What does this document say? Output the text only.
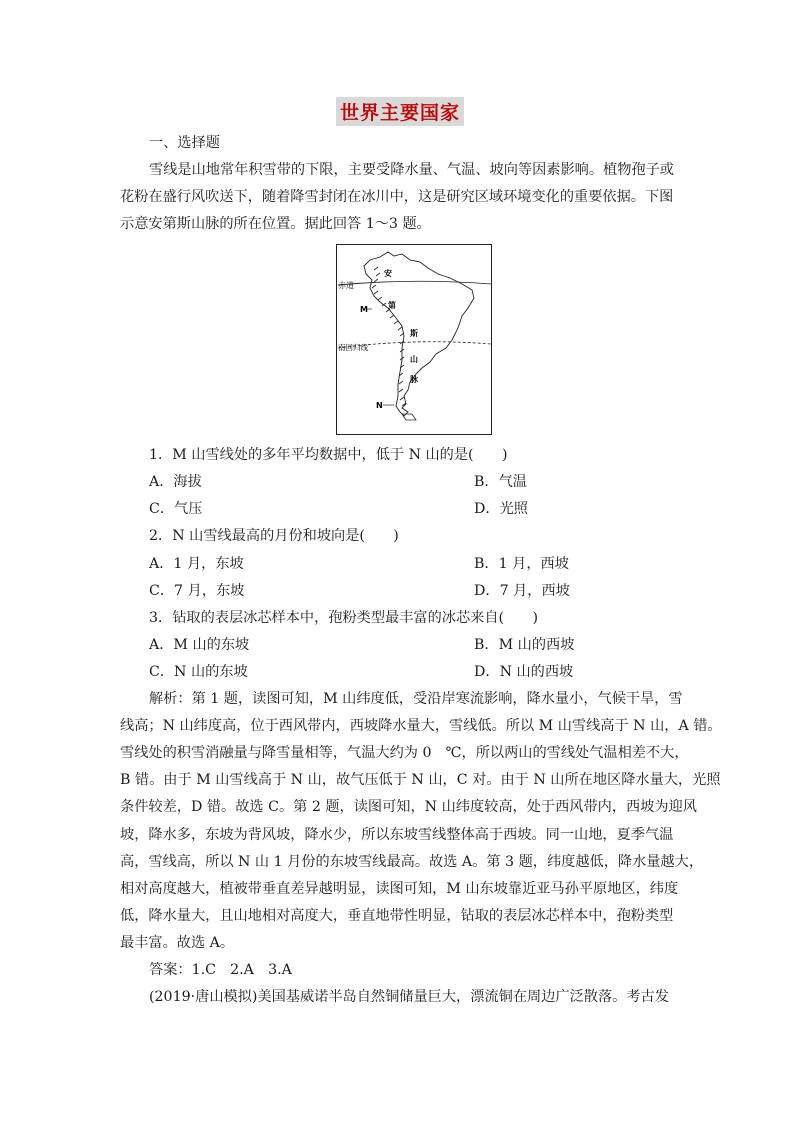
世界主要国家
一、选择题
雪线是山地常年积雪带的下限，主要受降水量、气温、坡向等因素影响。植物孢子或
花粉在盛行风吹送下，随着降雪封闭在冰川中，这是研究区域环境变化的重要依据。下图
示意安第斯山脉的所在位置。据此回答 1～3 题。
赤道
南回归线
M
N
安
第
斯
山
脉
1．M 山雪线处的多年平均数据中，低于 N 山的是(　　)
A．海拔	B．气温
C．气压	D．光照
2．N 山雪线最高的月份和坡向是(　　)
A．1 月，东坡	B．1 月，西坡
C．7 月，东坡	D．7 月，西坡
3．钻取的表层冰芯样本中，孢粉类型最丰富的冰芯来自(　　)
A．M 山的东坡	B．M 山的西坡
C．N 山的东坡	D．N 山的西坡
解析：第 1 题，读图可知，M 山纬度低，受沿岸寒流影响，降水量小，气候干旱，雪
线高；N 山纬度高，位于西风带内，西坡降水量大，雪线低。所以 M 山雪线高于 N 山，A 错。
雪线处的积雪消融量与降雪量相等，气温大约为 0　℃，所以两山的雪线处气温相差不大，
B 错。由于 M 山雪线高于 N 山，故气压低于 N 山，C 对。由于 N 山所在地区降水量大，光照
条件较差，D 错。故选 C。第 2 题，读图可知，N 山纬度较高，处于西风带内，西坡为迎风
坡，降水多，东坡为背风坡，降水少，所以东坡雪线整体高于西坡。同一山地，夏季气温
高，雪线高，所以 N 山 1 月份的东坡雪线最高。故选 A。第 3 题，纬度越低，降水量越大，
相对高度越大，植被带垂直差异越明显，读图可知，M 山东坡靠近亚马孙平原地区，纬度
低，降水量大，且山地相对高度大，垂直地带性明显，钻取的表层冰芯样本中，孢粉类型
最丰富。故选 A。
答案：1.C　2.A　3.A
(2019·唐山模拟)美国基威诺半岛自然铜储量巨大，漂流铜在周边广泛散落。考古发
